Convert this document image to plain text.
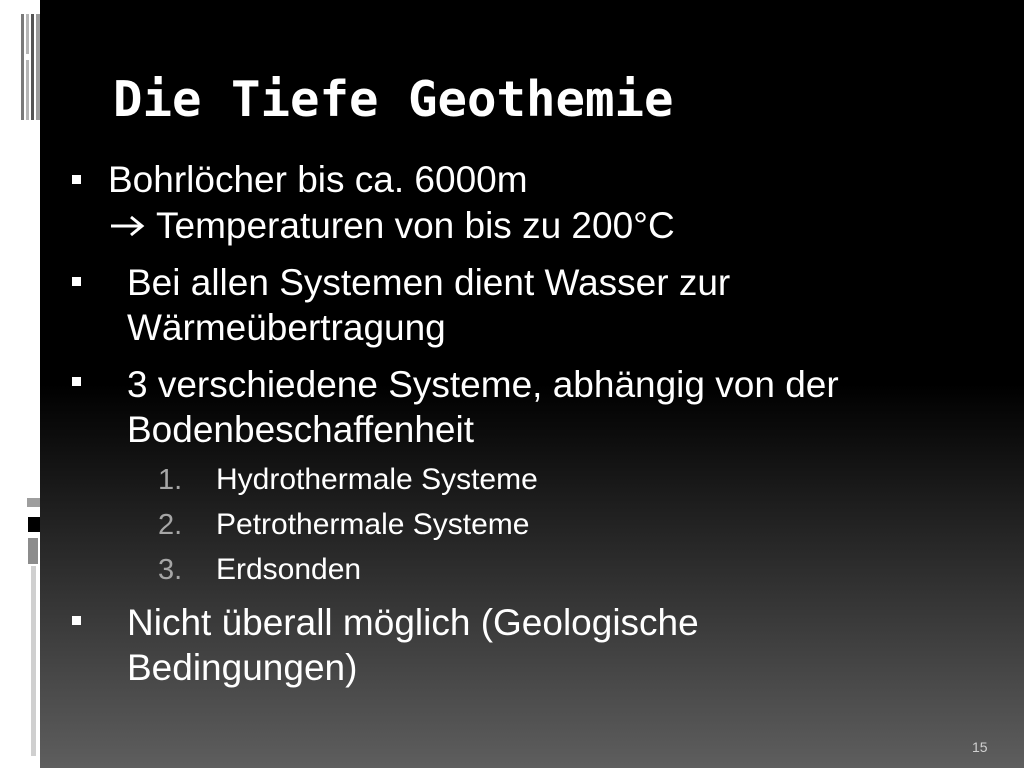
Die Tiefe Geothemie
Bohrlöcher bis ca. 6000m
Temperaturen von bis zu 200°C
Bei allen Systemen dient Wasser zur
Wärmeübertragung
3 verschiedene Systeme, abhängig von der
Bodenbeschaffenheit
1. Hydrothermale Systeme
2. Petrothermale Systeme
3. Erdsonden
Nicht überall möglich (Geologische
Bedingungen)
15
